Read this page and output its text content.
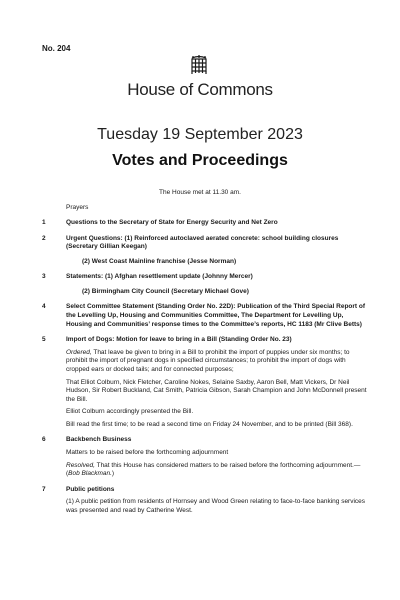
No. 204
House of Commons
Tuesday 19 September 2023
Votes and Proceedings
The House met at 11.30 am.
Prayers
1	Questions to the Secretary of State for Energy Security and Net Zero
2	Urgent Questions: (1) Reinforced autoclaved aerated concrete: school building closures (Secretary Gillian Keegan)
(2) West Coast Mainline franchise (Jesse Norman)
3	Statements: (1) Afghan resettlement update (Johnny Mercer)
(2) Birmingham City Council (Secretary Michael Gove)
4	Select Committee Statement (Standing Order No. 22D): Publication of the Third Special Report of the Levelling Up, Housing and Communities Committee, The Department for Levelling Up, Housing and Communities’ response times to the Committee’s reports, HC 1183 (Mr Clive Betts)
5	Import of Dogs: Motion for leave to bring in a Bill (Standing Order No. 23)
Ordered, That leave be given to bring in a Bill to prohibit the import of puppies under six months; to prohibit the import of pregnant dogs in specified circumstances; to prohibit the import of dogs with cropped ears or docked tails; and for connected purposes;
That Elliot Colburn, Nick Fletcher, Caroline Nokes, Selaine Saxby, Aaron Bell, Matt Vickers, Dr Neil Hudson, Sir Robert Buckland, Cat Smith, Patricia Gibson, Sarah Champion and John McDonnell present the Bill.
Elliot Colburn accordingly presented the Bill.
Bill read the first time; to be read a second time on Friday 24 November, and to be printed (Bill 368).
6	Backbench Business
Matters to be raised before the forthcoming adjournment
Resolved, That this House has considered matters to be raised before the forthcoming adjournment.—(Bob Blackman.)
7	Public petitions
(1) A public petition from residents of Hornsey and Wood Green relating to face-to-face banking services was presented and read by Catherine West.
